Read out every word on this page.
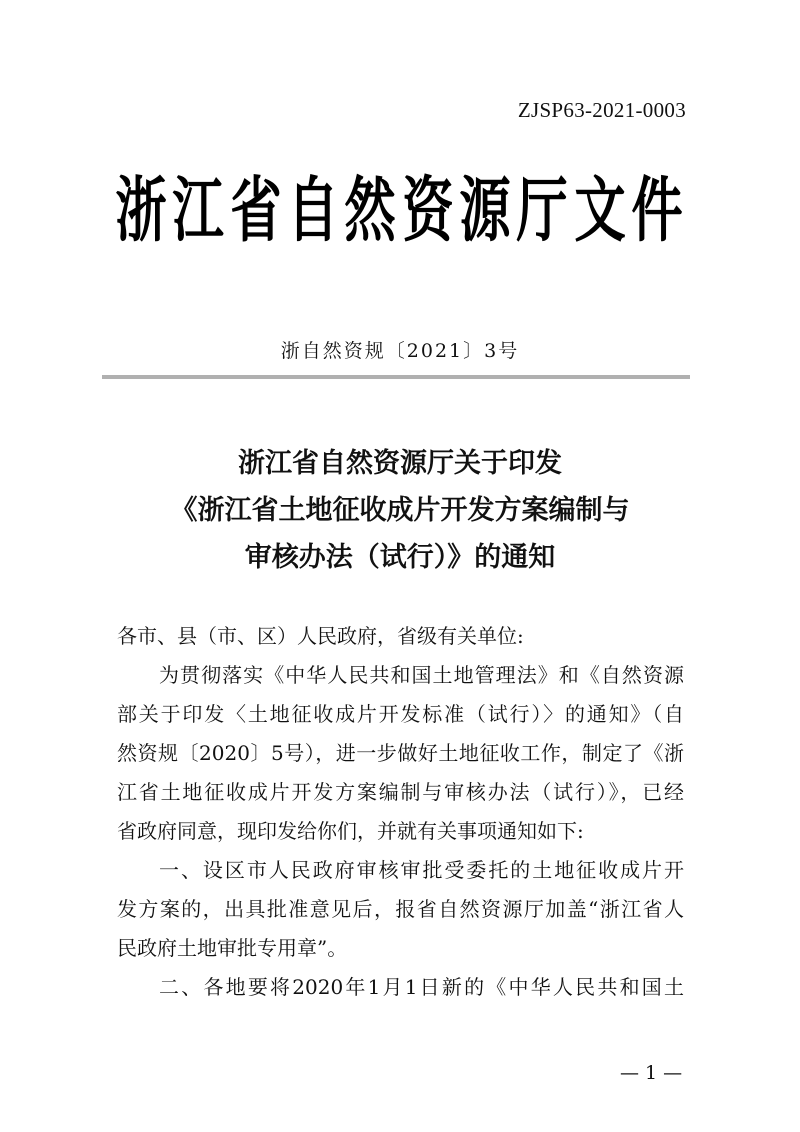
ZJSP63-2021-0003
浙 江 省 自 然 资 源 厅 文 件
浙自然资规〔2021〕3号
浙江省自然资源厅关于印发
《浙江省土地征收成片开发方案编制与
审核办法（试行）》的通知
各市、县（市、区）人民政府，省级有关单位:
为贯彻落实《中华人民共和国土地管理法》和《自然资源
部关于印发〈土地征收成片开发标准（试行）〉的通知》（自
然资规〔2020〕5号），进一步做好土地征收工作，制定了《浙
江省土地征收成片开发方案编制与审核办法（试行）》，已经
省政府同意，现印发给你们，并就有关事项通知如下:
一、设区市人民政府审核审批受委托的土地征收成片开
发方案的，出具批准意见后，报省自然资源厅加盖“浙江省人
民政府土地审批专用章”。
二、各地要将2020年1月1日新的《中华人民共和国土
— 1 —
